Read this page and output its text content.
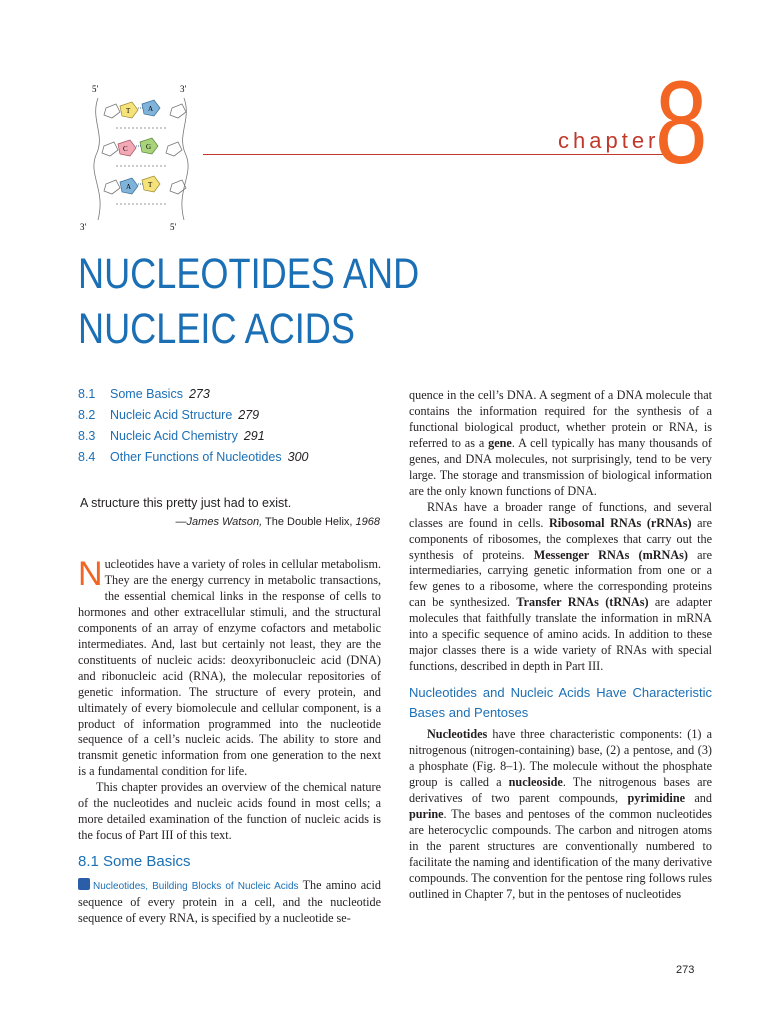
5′	3′
3′	5′
T	A
C	G
A T
chapter
8
NUCLEOTIDES AND
NUCLEIC ACIDS
8.1 Some Basics 273
8.2 Nucleic Acid Structure 279
8.3 Nucleic Acid Chemistry 291
8.4 Other Functions of Nucleotides 300
A structure this pretty just had to exist.
—James Watson, The Double Helix, 1968

Nucleotides have a variety of roles in cellular metabolism. They are the energy currency in metabolic transactions, the essential chemical links in the response of cells to hormones and other extracellular stimuli, and the structural components of an array of enzyme cofactors and metabolic intermediates. And, last but certainly not least, they are the constituents of nucleic acids: deoxyribonucleic acid (DNA) and ribonucleic acid (RNA), the molecular repositories of genetic information. The structure of every protein, and ultimately of every biomolecule and cellular component, is a product of information programmed into the nucleotide sequence of a cell’s nucleic acids. The ability to store and transmit genetic information from one generation to the next is a fundamental condition for life.

This chapter provides an overview of the chemical nature of the nucleotides and nucleic acids found in most cells; a more detailed examination of the function of nucleic acids is the focus of Part III of this text.

8.1 Some Basics

Nucleotides, Building Blocks of Nucleic Acids The amino acid sequence of every protein in a cell, and the nucleotide sequence of every RNA, is specified by a nucleotide se-

quence in the cell’s DNA. A segment of a DNA molecule that contains the information required for the synthesis of a functional biological product, whether protein or RNA, is referred to as a gene. A cell typically has many thousands of genes, and DNA molecules, not surprisingly, tend to be very large. The storage and transmission of biological information are the only known functions of DNA.

RNAs have a broader range of functions, and several classes are found in cells. Ribosomal RNAs (rRNAs) are components of ribosomes, the complexes that carry out the synthesis of proteins. Messenger RNAs (mRNAs) are intermediaries, carrying genetic information from one or a few genes to a ribosome, where the corresponding proteins can be synthesized. Transfer RNAs (tRNAs) are adapter molecules that faithfully translate the information in mRNA into a specific sequence of amino acids. In addition to these major classes there is a wide variety of RNAs with special functions, described in depth in Part III.

Nucleotides and Nucleic Acids Have Characteristic Bases and Pentoses

Nucleotides have three characteristic components: (1) a nitrogenous (nitrogen-containing) base, (2) a pentose, and (3) a phosphate (Fig. 8–1). The molecule without the phosphate group is called a nucleoside. The nitrogenous bases are derivatives of two parent compounds, pyrimidine and purine. The bases and pentoses of the common nucleotides are heterocyclic compounds. The carbon and nitrogen atoms in the parent structures are conventionally numbered to facilitate the naming and identification of the many derivative compounds. The convention for the pentose ring follows rules outlined in Chapter 7, but in the pentoses of nucleotides

273
